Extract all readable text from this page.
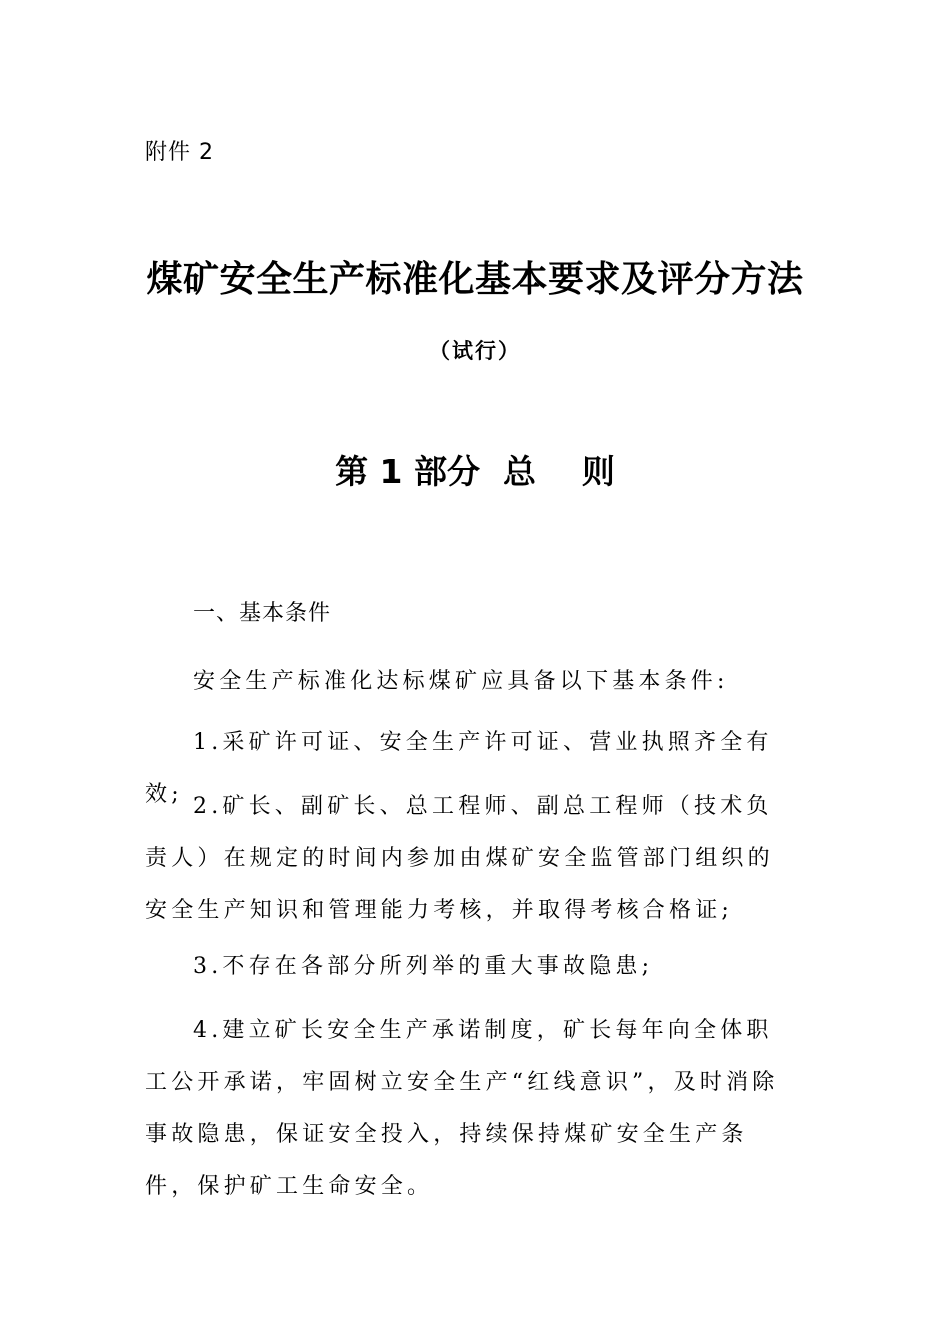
附件 2
煤矿安全生产标准化基本要求及评分方法
（试行）
第 1 部分  总    则
一、基本条件
安全生产标准化达标煤矿应具备以下基本条件:
1.采矿许可证、安全生产许可证、营业执照齐全有效; 2.矿长、副矿长、总工程师、副总工程师（技术负责人）在规定的时间内参加由煤矿安全监管部门组织的安全生产知识和管理能力考核，并取得考核合格证;
3.不存在各部分所列举的重大事故隐患;
4.建立矿长安全生产承诺制度，矿长每年向全体职工公开承诺，牢固树立安全生产“红线意识”，及时消除事故隐患，保证安全投入，持续保持煤矿安全生产条件，保护矿工生命安全。
